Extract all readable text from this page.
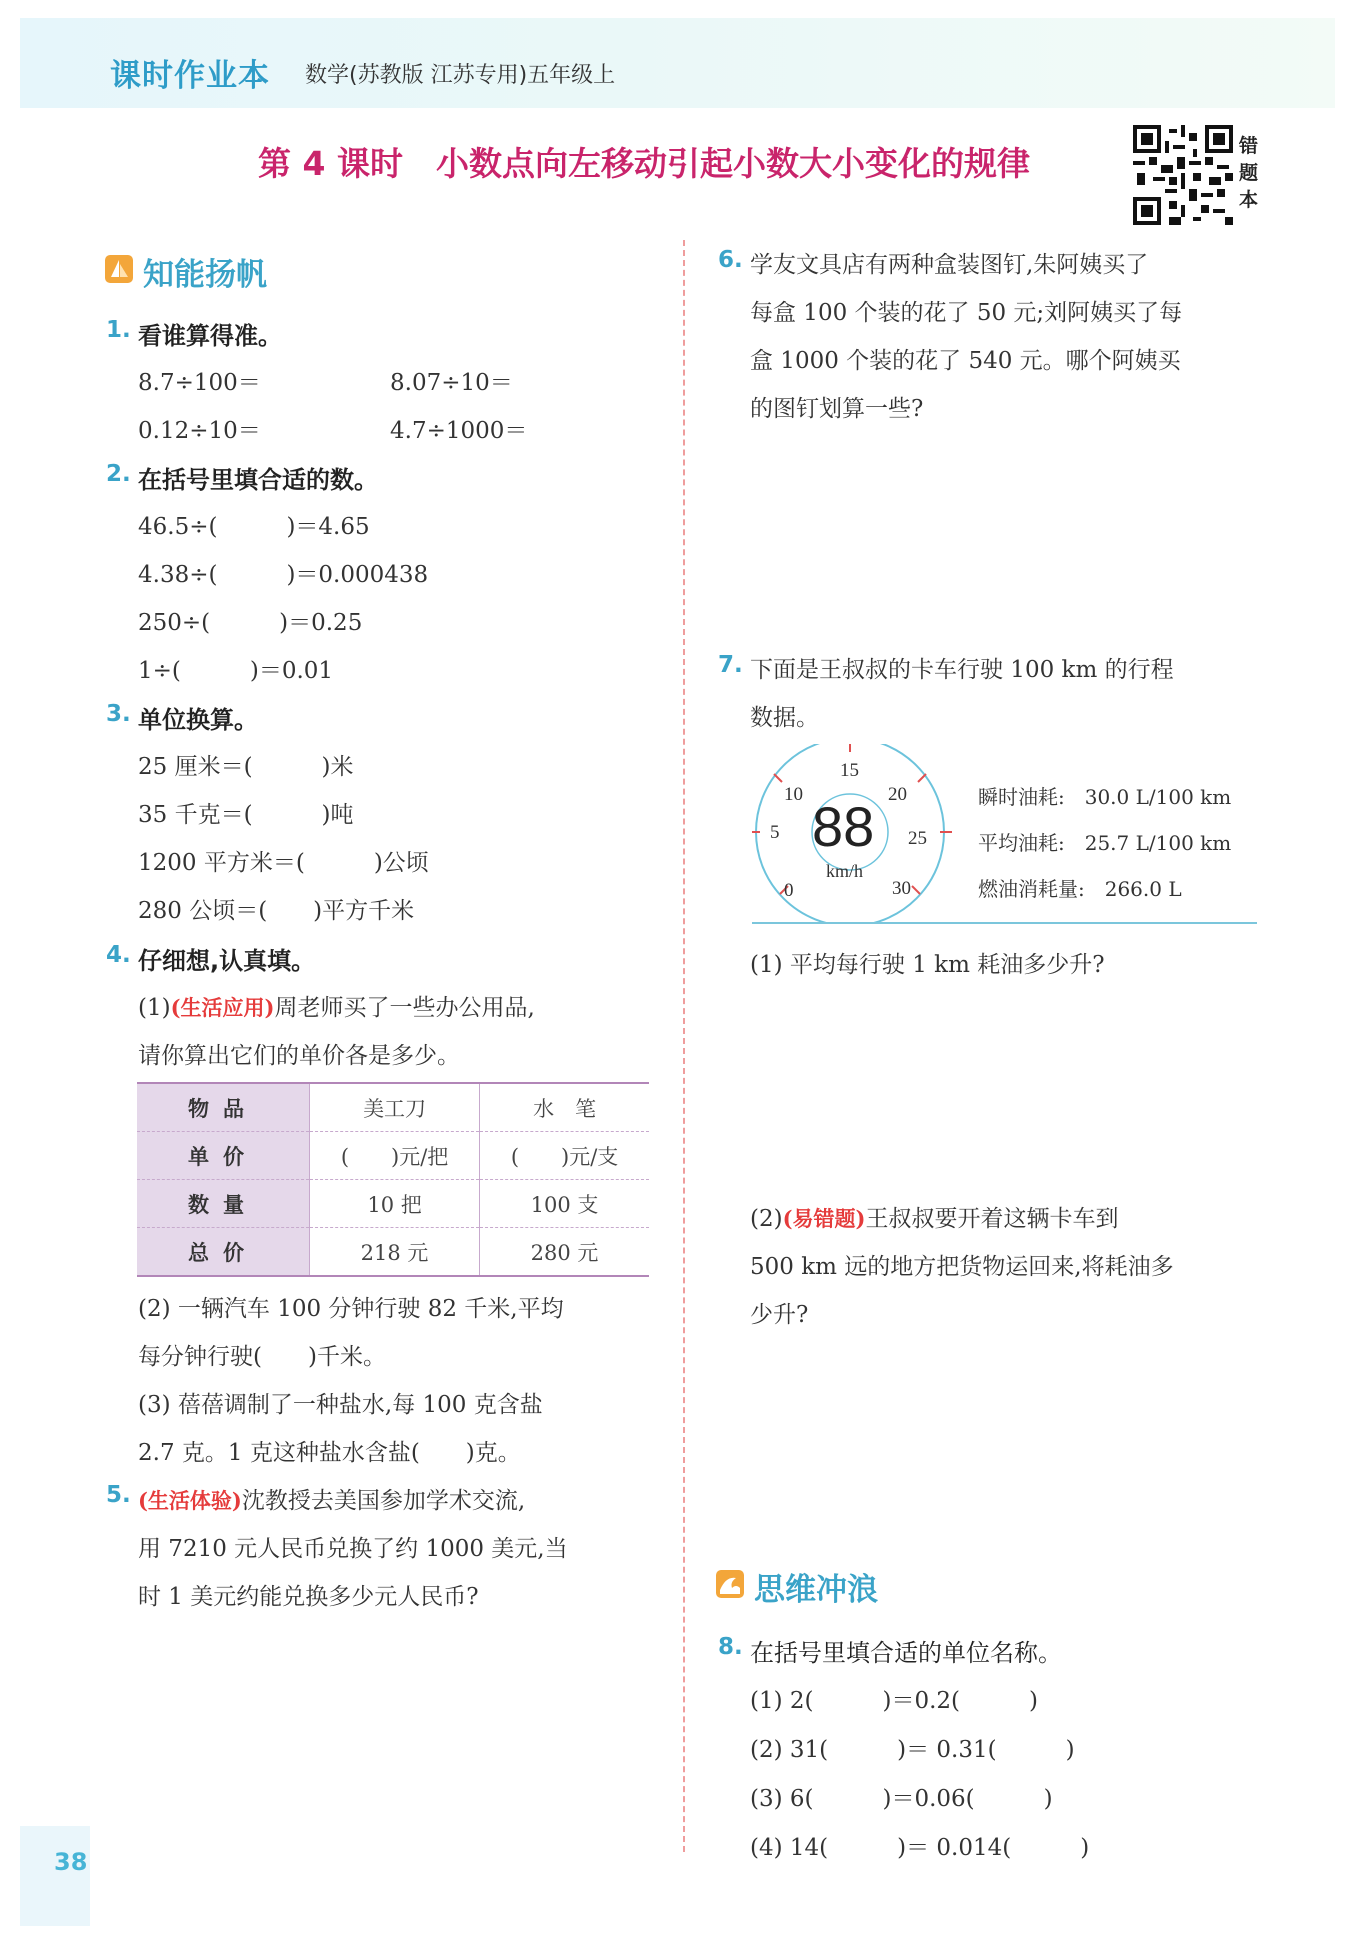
课时作业本 数学(苏教版 江苏专用)五年级上
第 4 课时　小数点向左移动引起小数大小变化的规律	错
题
本
知能扬帆
1. 看谁算得准。
8.7÷100＝	8.07÷10＝
0.12÷10＝	4.7÷1000＝
2. 在括号里填合适的数。
46.5÷(　　　)＝4.65
4.38÷(　　　)＝0.000438
250÷(　　　)＝0.25
1÷(　　　)＝0.01
3. 单位换算。
25 厘米＝(　　　)米
35 千克＝(　　　)吨
1200 平方米＝(　　　)公顷
280 公顷＝(　　)平方千米
4. 仔细想,认真填。
(1)(生活应用)周老师买了一些办公用品,
请你算出它们的单价各是多少。
物品	美工刀	水　笔
单价	(　　)元/把	(　　)元/支
数量	10 把	100 支
总价	218 元	280 元
(2) 一辆汽车 100 分钟行驶 82 千米,平均
每分钟行驶(　　)千米。
(3) 蓓蓓调制了一种盐水,每 100 克含盐
2.7 克。1 克这种盐水含盐(　　)克。
5. (生活体验)沈教授去美国参加学术交流,
用 7210 元人民币兑换了约 1000 美元,当
时 1 美元约能兑换多少元人民币?
6. 学友文具店有两种盒装图钉,朱阿姨买了
每盒 100 个装的花了 50 元;刘阿姨买了每
盒 1000 个装的花了 540 元。哪个阿姨买
的图钉划算一些?
7. 下面是王叔叔的卡车行驶 100 km 的行程
数据。
15
10	20
5	25
0	30
88
km/h
瞬时油耗:　30.0 L/100 km
平均油耗:　25.7 L/100 km
燃油消耗量:　266.0 L
(1) 平均每行驶 1 km 耗油多少升?
(2)(易错题)王叔叔要开着这辆卡车到
500 km 远的地方把货物运回来,将耗油多
少升?
思维冲浪
8. 在括号里填合适的单位名称。
(1) 2(　　　)＝0.2(　　　)
(2) 31(　　　)＝ 0.31(　　　)
(3) 6(　　　)＝0.06(　　　)
(4) 14(　　　)＝ 0.014(　　　)
38
